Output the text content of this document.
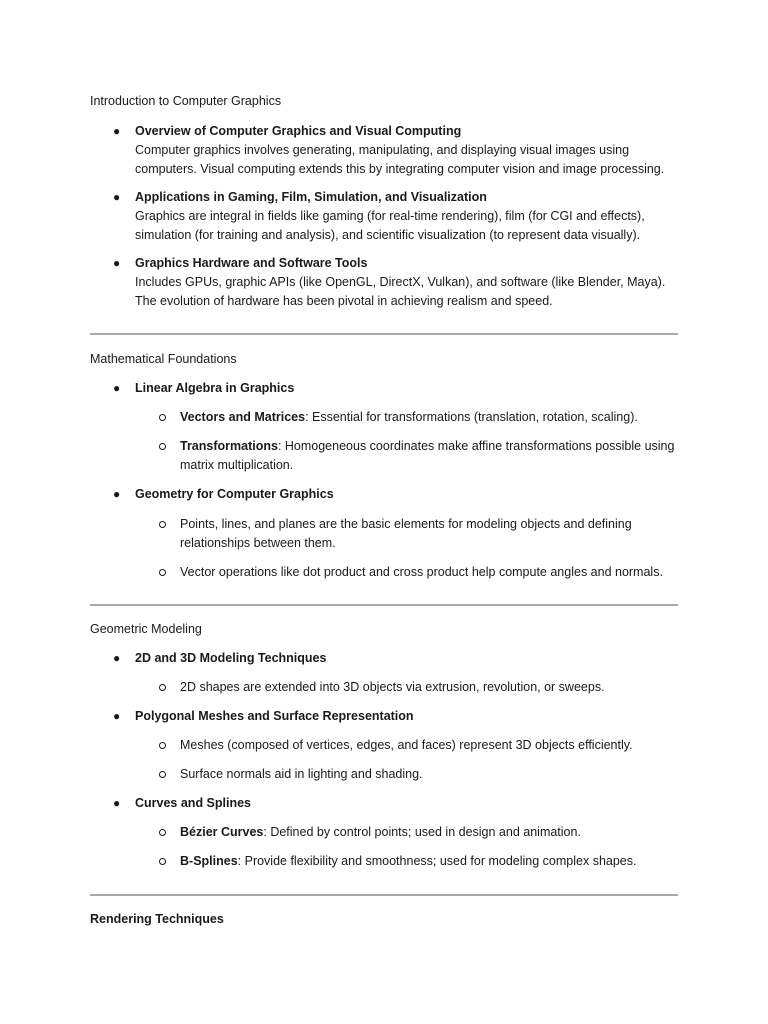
Introduction to Computer Graphics

● Overview of Computer Graphics and Visual Computing
Computer graphics involves generating, manipulating, and displaying visual images using
computers. Visual computing extends this by integrating computer vision and image processing.
● Applications in Gaming, Film, Simulation, and Visualization
Graphics are integral in fields like gaming (for real-time rendering), film (for CGI and effects),
simulation (for training and analysis), and scientific visualization (to represent data visually).
● Graphics Hardware and Software Tools
Includes GPUs, graphic APIs (like OpenGL, DirectX, Vulkan), and software (like Blender, Maya).
The evolution of hardware has been pivotal in achieving realism and speed.

Mathematical Foundations

● Linear Algebra in Graphics
Vectors and Matrices: Essential for transformations (translation, rotation, scaling).
Transformations: Homogeneous coordinates make affine transformations possible using
matrix multiplication.
● Geometry for Computer Graphics
Points, lines, and planes are the basic elements for modeling objects and defining
relationships between them.
Vector operations like dot product and cross product help compute angles and normals.

Geometric Modeling

● 2D and 3D Modeling Techniques
2D shapes are extended into 3D objects via extrusion, revolution, or sweeps.
● Polygonal Meshes and Surface Representation
Meshes (composed of vertices, edges, and faces) represent 3D objects efficiently.
Surface normals aid in lighting and shading.
● Curves and Splines
Bézier Curves: Defined by control points; used in design and animation.
B-Splines: Provide flexibility and smoothness; used for modeling complex shapes.

Rendering Techniques
